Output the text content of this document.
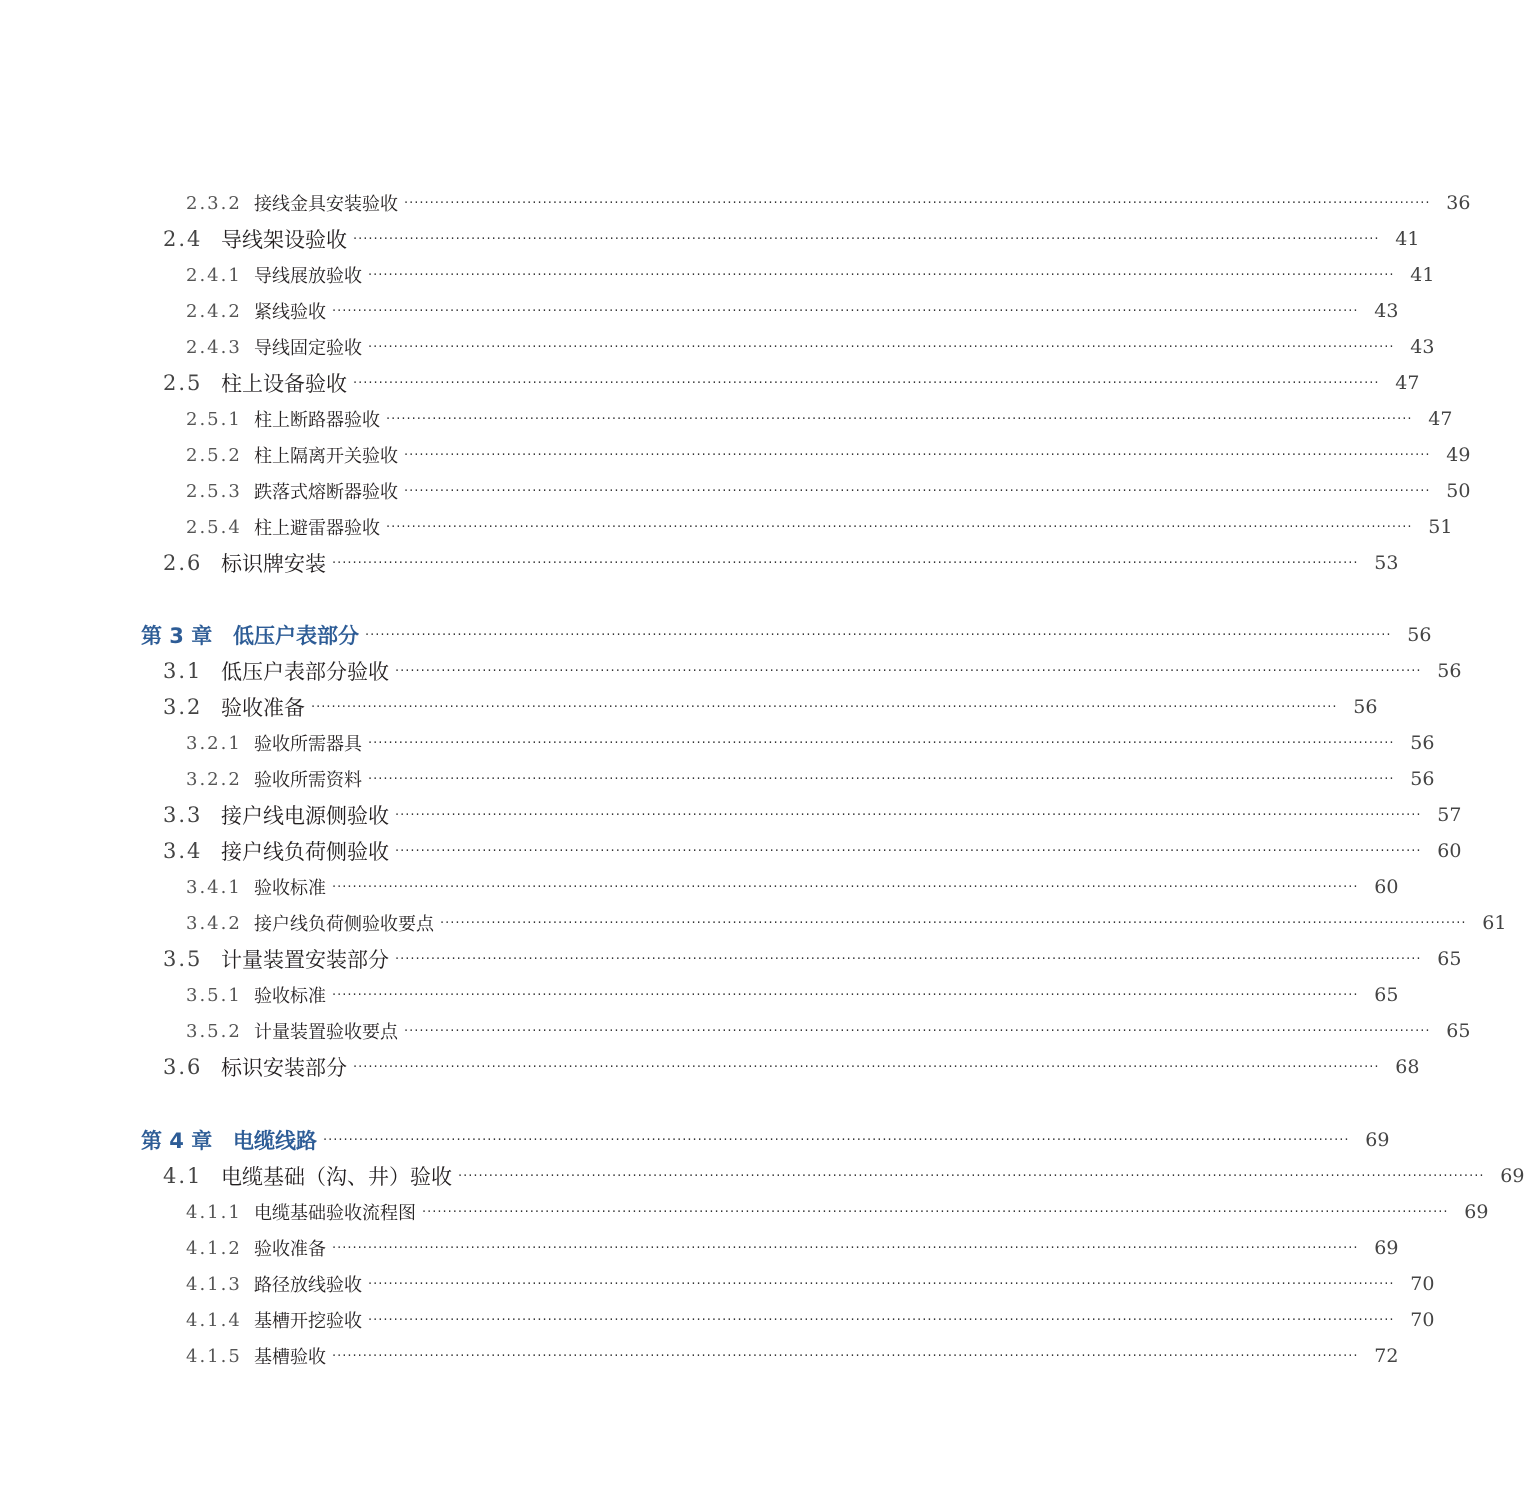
2.3.2 接线金具安装验收 ········································································································································································································ 36
2.4 导线架设验收 ········································································································································································································ 41
2.4.1 导线展放验收 ········································································································································································································ 41
2.4.2 紧线验收 ········································································································································································································ 43
2.4.3 导线固定验收 ········································································································································································································ 43
2.5 柱上设备验收 ········································································································································································································ 47
2.5.1 柱上断路器验收 ········································································································································································································ 47
2.5.2 柱上隔离开关验收 ········································································································································································································ 49
2.5.3 跌落式熔断器验收 ········································································································································································································ 50
2.5.4 柱上避雷器验收 ········································································································································································································ 51
2.6 标识牌安装 ········································································································································································································ 53
第 3 章 低压户表部分 ········································································································································································································ 56
3.1 低压户表部分验收 ········································································································································································································ 56
3.2 验收准备 ········································································································································································································ 56
3.2.1 验收所需器具 ········································································································································································································ 56
3.2.2 验收所需资料 ········································································································································································································ 56
3.3 接户线电源侧验收 ········································································································································································································ 57
3.4 接户线负荷侧验收 ········································································································································································································ 60
3.4.1 验收标准 ········································································································································································································ 60
3.4.2 接户线负荷侧验收要点 ········································································································································································································ 61
3.5 计量装置安装部分 ········································································································································································································ 65
3.5.1 验收标准 ········································································································································································································ 65
3.5.2 计量装置验收要点 ········································································································································································································ 65
3.6 标识安装部分 ········································································································································································································ 68
第 4 章 电缆线路 ········································································································································································································ 69
4.1 电缆基础（沟、井）验收 ········································································································································································································ 69
4.1.1 电缆基础验收流程图 ········································································································································································································ 69
4.1.2 验收准备 ········································································································································································································ 69
4.1.3 路径放线验收 ········································································································································································································ 70
4.1.4 基槽开挖验收 ········································································································································································································ 70
4.1.5 基槽验收 ········································································································································································································ 72
